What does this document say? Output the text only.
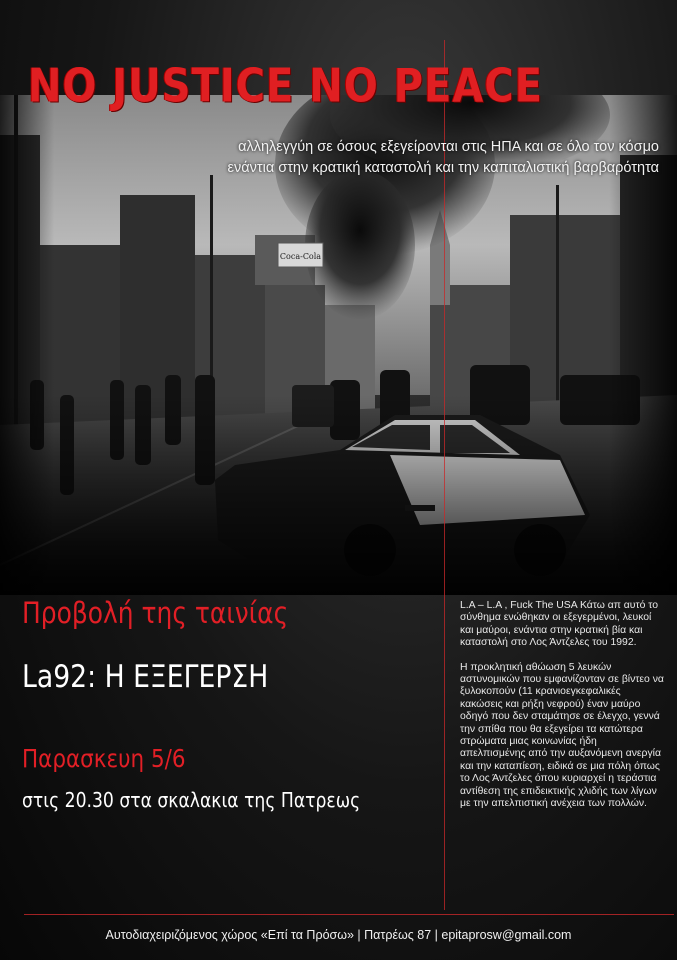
NO JUSTICE NO PEACE

αλληλεγγύη σε όσους εξεγείρονται στις ΗΠΑ και σε όλο τον κόσμο

ενάντια στην κρατική καταστολή και την καπιταλιστική βαρβαρότητα

Προβολή της ταινίας

La92: Η ΕΞΕΓΕΡΣΗ

Παρασκευη 5/6

στις 20.30 στα σκαλακια της Πατρεως

L.A – L.A , Fuck The USA Κάτω απ αυτό το σύνθημα ενώθηκαν οι εξεγερμένοι, λευκοί και μαύροι, ενάντια στην κρατική βία και καταστολή στο Λος Άντζελες του 1992.

Η προκλητική αθώωση 5 λευκών αστυνομικών που εμφανίζονταν σε βίντεο να ξυλοκοπούν (11 κρανιοεγκεφαλικές κακώσεις και ρήξη νεφρού) έναν μαύρο οδηγό που δεν σταμάτησε σε έλεγχο, γεννά την σπίθα που θα εξεγείρει τα κατώτερα στρώματα μιας κοινωνίας ήδη απελπισμένης από την αυξανόμενη ανεργία και την καταπίεση, ειδικά σε μια πόλη όπως το Λος Άντζελες όπου κυριαρχεί η τεράστια αντίθεση της επιδεικτικής χλιδής των λίγων με την απελπιστική ανέχεια των πολλών.

Αυτοδιαχειριζόμενος χώρος «Επί τα Πρόσω» | Πατρέως 87 | epitaprosw@gmail.com
